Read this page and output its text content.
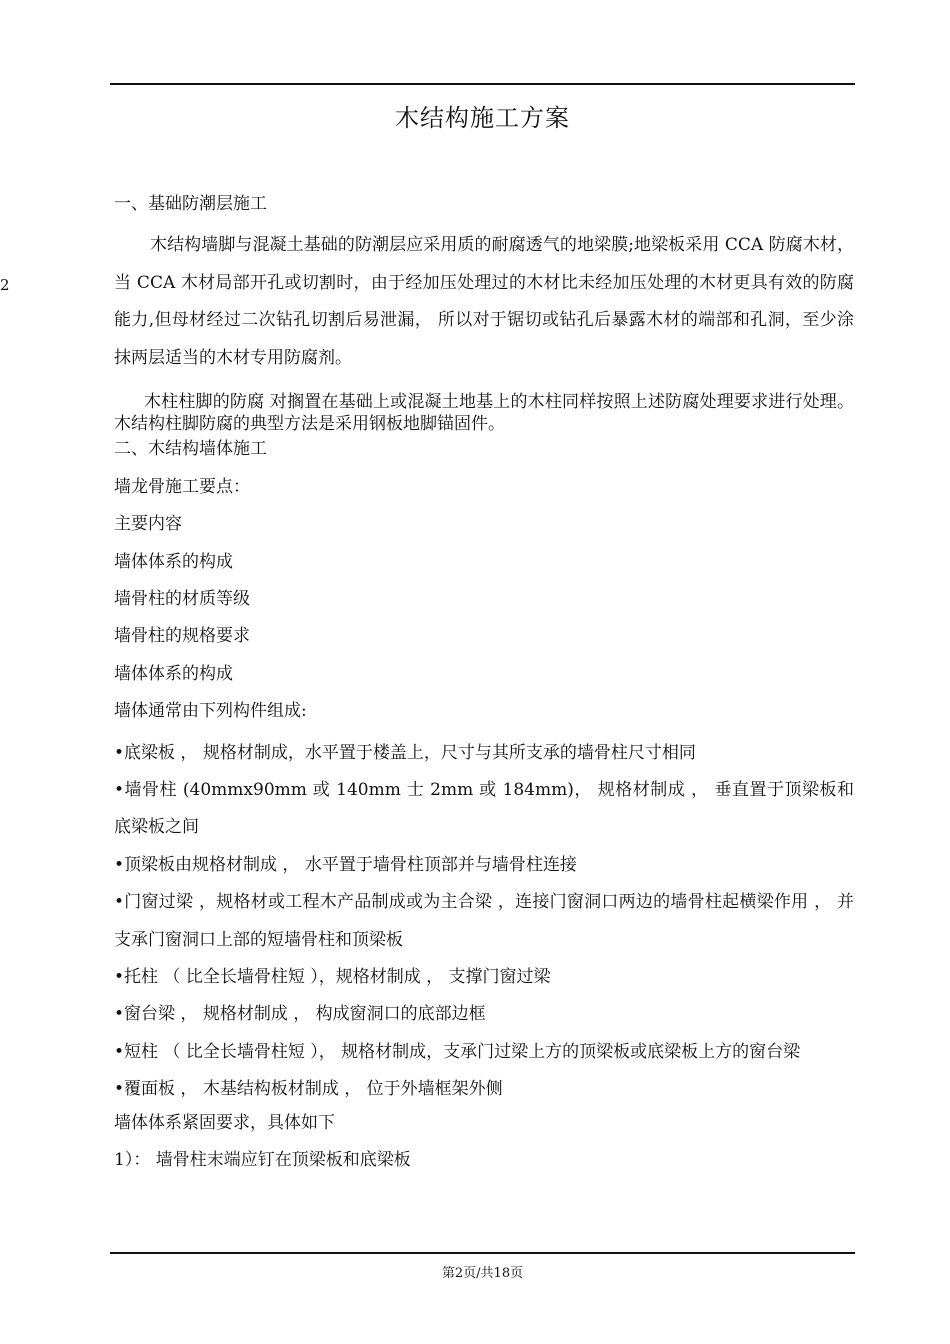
2
木结构施工方案

一、基础防潮层施工

木结构墙脚与混凝土基础的防潮层应采用质的耐腐透气的地梁膜;地梁板采用 CCA 防腐木材，当 CCA 木材局部开孔或切割时，由于经加压处理过的木材比未经加压处理的木材更具有效的防腐能力,但母材经过二次钻孔切割后易泄漏， 所以对于锯切或钻孔后暴露木材的端部和孔洞，至少涂抹两层适当的木材专用防腐剂。

木柱柱脚的防腐 对搁置在基础上或混凝土地基上的木柱同样按照上述防腐处理要求进行处理。木结构柱脚防腐的典型方法是采用钢板地脚锚固件。

二、木结构墙体施工

墙龙骨施工要点：

主要内容

墙体体系的构成

墙骨柱的材质等级

墙骨柱的规格要求

墙体体系的构成

墙体通常由下列构件组成:

•底梁板 ， 规格材制成，水平置于楼盖上，尺寸与其所支承的墙骨柱尺寸相同

•墙骨柱 (40mmx90mm 或 140mm 士 2mm 或 184mm)， 规格材制成 ， 垂直置于顶梁板和底梁板之间

•顶梁板由规格材制成 ， 水平置于墙骨柱顶部并与墙骨柱连接

•门窗过梁 ，规格材或工程木产品制成或为主合梁 ，连接门窗洞口两边的墙骨柱起横梁作用 ， 并支承门窗洞口上部的短墙骨柱和顶梁板

•托柱 （ 比全长墙骨柱短 ），规格材制成 ， 支撑门窗过梁

•窗台梁 ， 规格材制成 ， 构成窗洞口的底部边框

•短柱 （ 比全长墙骨柱短 ）， 规格材制成，支承门过梁上方的顶梁板或底梁板上方的窗台梁

•覆面板 ， 木基结构板材制成 ， 位于外墙框架外侧

墙体体系紧固要求，具体如下

1）： 墙骨柱末端应钉在顶梁板和底梁板

第2页/共18页
